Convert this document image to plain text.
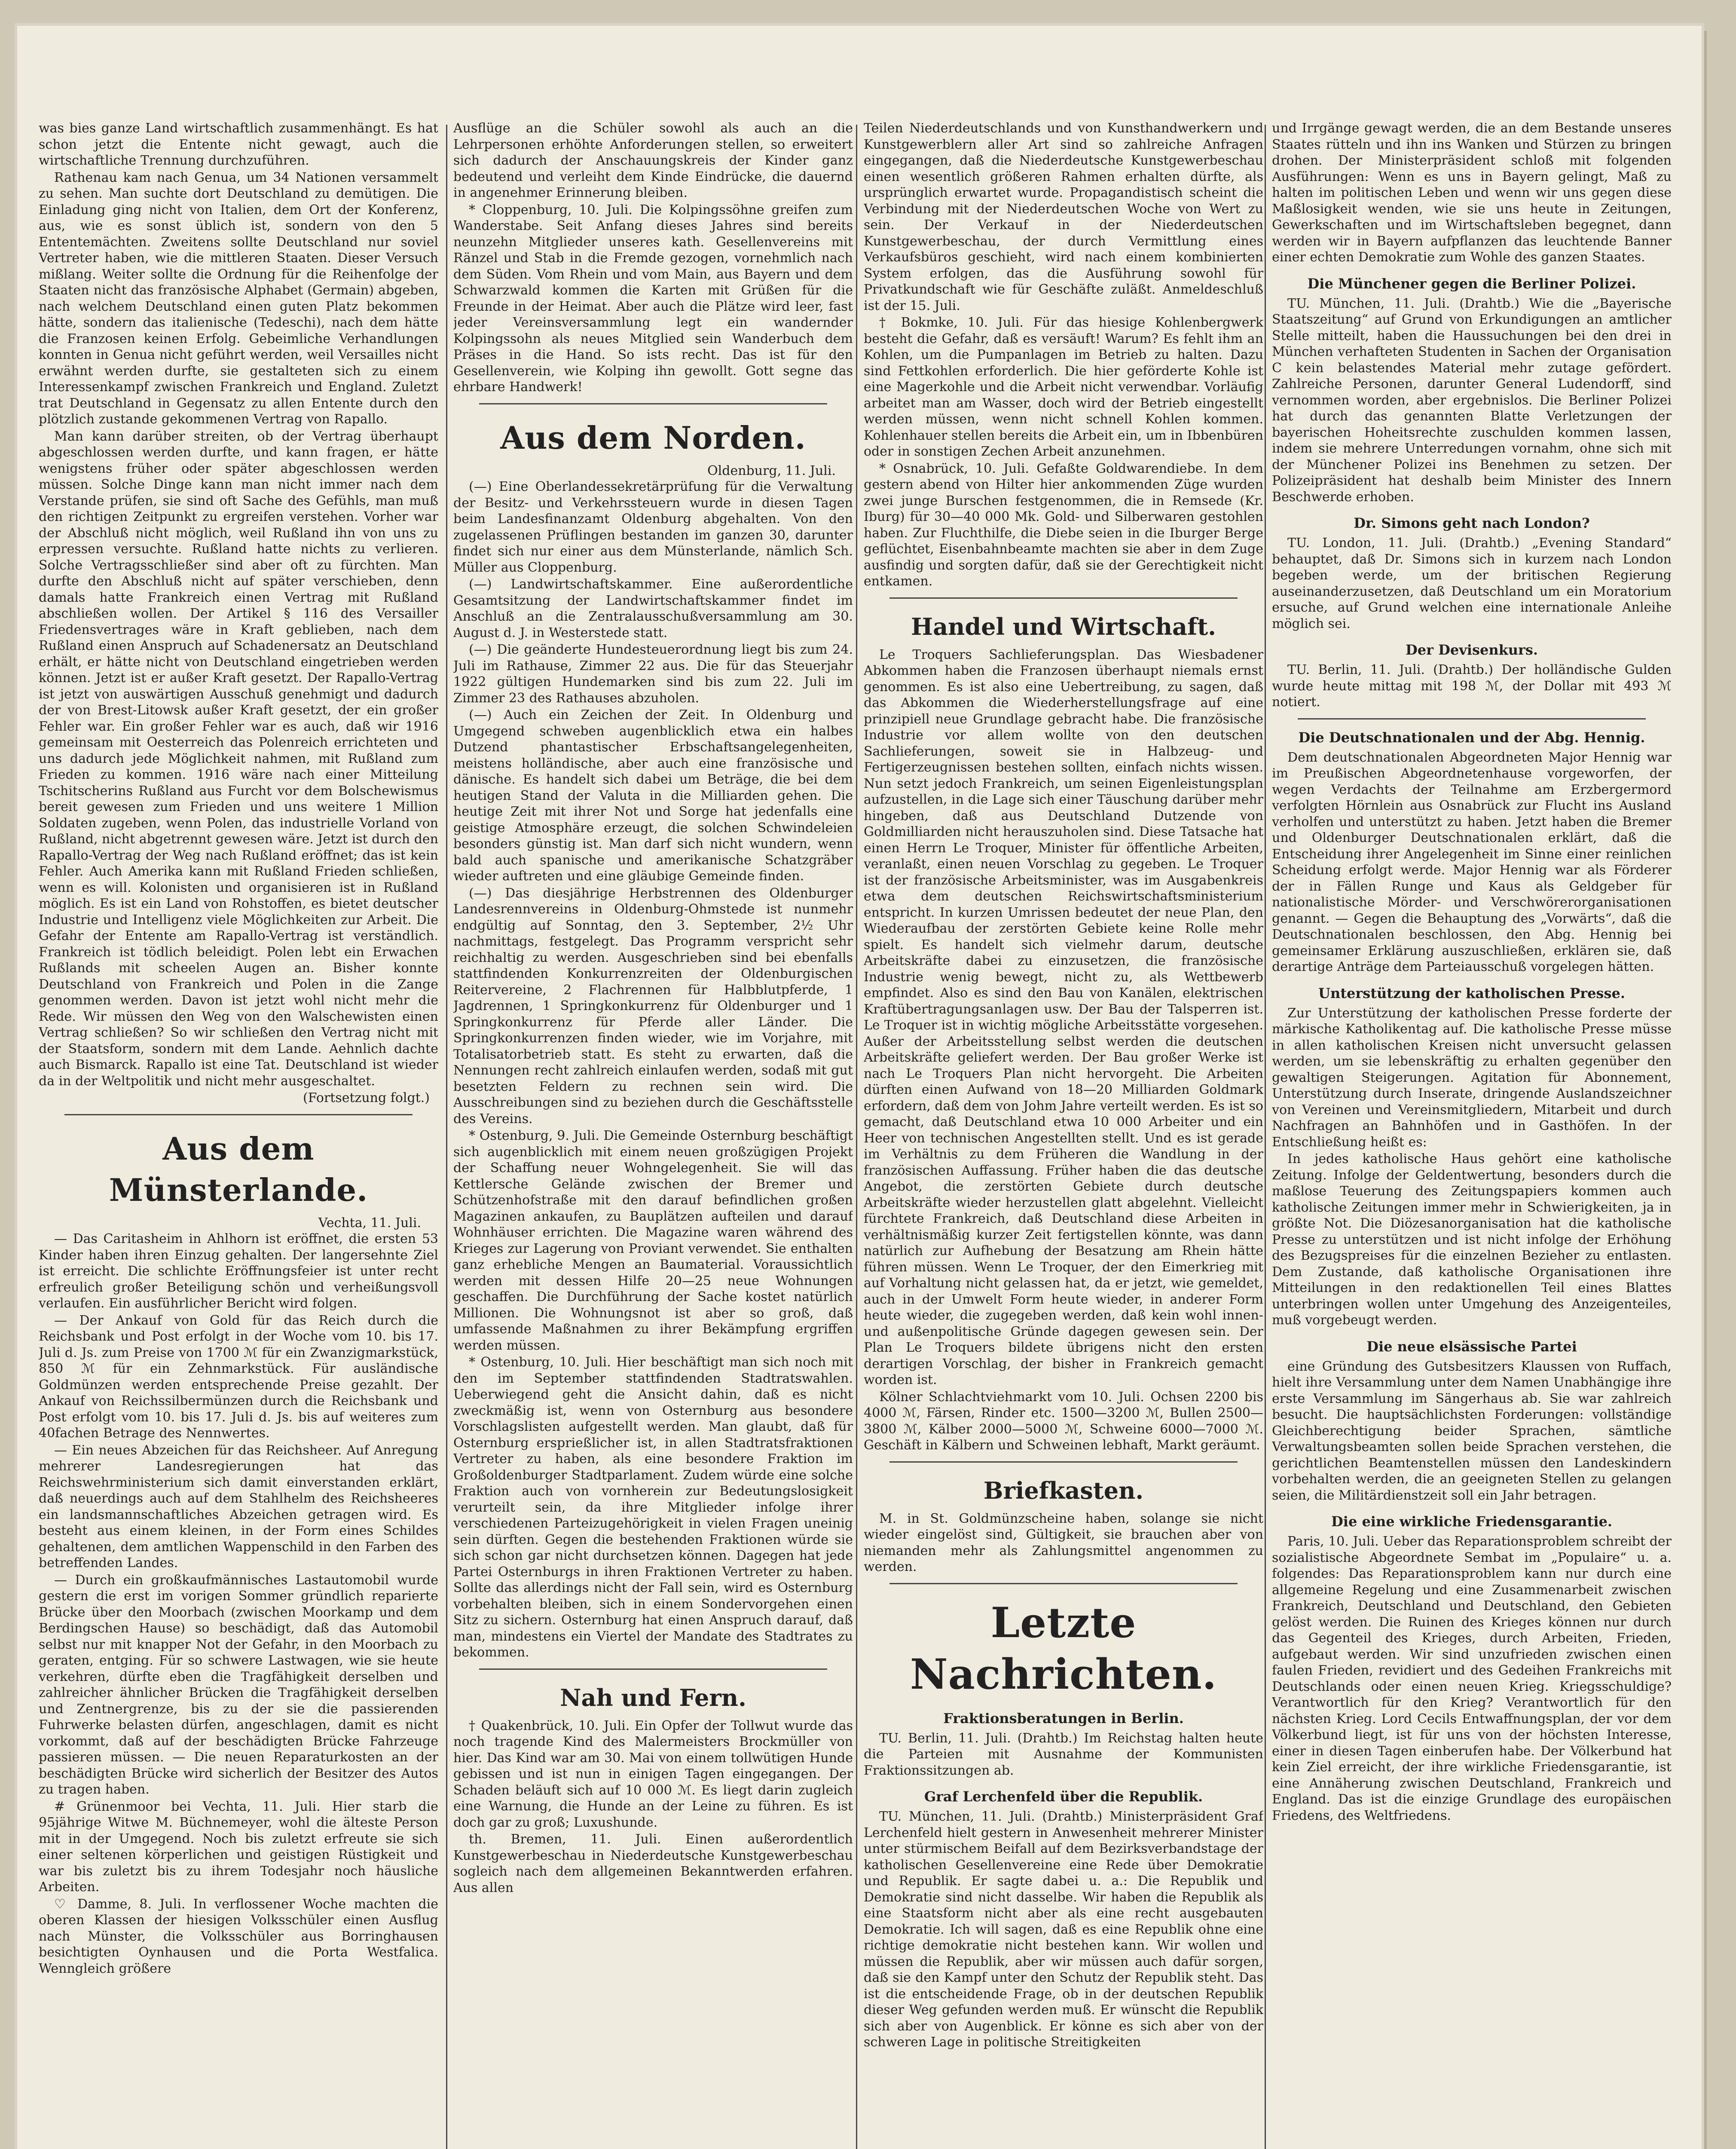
was bies ganze Land wirtschaftlich zusammenhängt. Es hat schon jetzt die Entente nicht gewagt, auch die wirtschaftliche Trennung durchzuführen.

Rathenau kam nach Genua, um 34 Nationen versammelt zu sehen. Man suchte dort Deutschland zu demütigen. Die Einladung ging nicht von Italien, dem Ort der Konferenz, aus, wie es sonst üblich ist, sondern von den 5 Ententemächten. Zweitens sollte Deutschland nur soviel Vertreter haben, wie die mittleren Staaten. Dieser Versuch mißlang. Weiter sollte die Ordnung für die Reihenfolge der Staaten nicht das französische Alphabet (Germain) abgeben, nach welchem Deutschland einen guten Platz bekommen hätte, sondern das italienische (Tedeschi), nach dem hätte die Franzosen keinen Erfolg. Gebeimliche Verhandlungen konnten in Genua nicht geführt werden, weil Versailles nicht erwähnt werden durfte, sie gestalteten sich zu einem Interessenkampf zwischen Frankreich und England. Zuletzt trat Deutschland in Gegensatz zu allen Entente durch den plötzlich zustande gekommenen Vertrag von Rapallo.

Man kann darüber streiten, ob der Vertrag überhaupt abgeschlossen werden durfte, und kann fragen, er hätte wenigstens früher oder später abgeschlossen werden müssen. Solche Dinge kann man nicht immer nach dem Verstande prüfen, sie sind oft Sache des Gefühls, man muß den richtigen Zeitpunkt zu ergreifen verstehen. Vorher war der Abschluß nicht möglich, weil Rußland ihn von uns zu erpressen versuchte. Rußland hatte nichts zu verlieren. Solche Vertragsschließer sind aber oft zu fürchten. Man durfte den Abschluß nicht auf später verschieben, denn damals hatte Frankreich einen Vertrag mit Rußland abschließen wollen. Der Artikel § 116 des Versailler Friedensvertrages wäre in Kraft geblieben, nach dem Rußland einen Anspruch auf Schadenersatz an Deutschland erhält, er hätte nicht von Deutschland eingetrieben werden können. Jetzt ist er außer Kraft gesetzt. Der Rapallo-Vertrag ist jetzt von auswärtigen Ausschuß genehmigt und dadurch der von Brest-Litowsk außer Kraft gesetzt, der ein großer Fehler war. Ein großer Fehler war es auch, daß wir 1916 gemeinsam mit Oesterreich das Polenreich errichteten und uns dadurch jede Möglichkeit nahmen, mit Rußland zum Frieden zu kommen. 1916 wäre nach einer Mitteilung Tschitscherins Rußland aus Furcht vor dem Bolschewismus bereit gewesen zum Frieden und uns weitere 1 Million Soldaten zugeben, wenn Polen, das industrielle Vorland von Rußland, nicht abgetrennt gewesen wäre. Jetzt ist durch den Rapallo-Vertrag der Weg nach Rußland eröffnet; das ist kein Fehler. Auch Amerika kann mit Rußland Frieden schließen, wenn es will. Kolonisten und organisieren ist in Rußland möglich. Es ist ein Land von Rohstoffen, es bietet deutscher Industrie und Intelligenz viele Möglichkeiten zur Arbeit. Die Gefahr der Entente am Rapallo-Vertrag ist verständlich. Frankreich ist tödlich beleidigt. Polen lebt ein Erwachen Rußlands mit scheelen Augen an. Bisher konnte Deutschland von Frankreich und Polen in die Zange genommen werden. Davon ist jetzt wohl nicht mehr die Rede. Wir müssen den Weg von den Walschewisten einen Vertrag schließen? So wir schließen den Vertrag nicht mit der Staatsform, sondern mit dem Lande. Aehnlich dachte auch Bismarck. Rapallo ist eine Tat. Deutschland ist wieder da in der Weltpolitik und nicht mehr ausgeschaltet.

(Fortsetzung folgt.)

Aus dem Münsterlande.
Vechta, 11. Juli.

— Das Caritasheim in Ahlhorn ist eröffnet, die ersten 53 Kinder haben ihren Einzug gehalten. Der langersehnte Ziel ist erreicht. Die schlichte Eröffnungsfeier ist unter recht erfreulich großer Beteiligung schön und verheißungsvoll verlaufen. Ein ausführlicher Bericht wird folgen.

— Der Ankauf von Gold für das Reich durch die Reichsbank und Post erfolgt in der Woche vom 10. bis 17. Juli d. Js. zum Preise von 1700 ℳ für ein Zwanzigmarkstück, 850 ℳ für ein Zehnmarkstück. Für ausländische Goldmünzen werden entsprechende Preise gezahlt. Der Ankauf von Reichssilbermünzen durch die Reichsbank und Post erfolgt vom 10. bis 17. Juli d. Js. bis auf weiteres zum 40fachen Betrage des Nennwertes.

— Ein neues Abzeichen für das Reichsheer. Auf Anregung mehrerer Landesregierungen hat das Reichswehrministerium sich damit einverstanden erklärt, daß neuerdings auch auf dem Stahlhelm des Reichsheeres ein landsmannschaftliches Abzeichen getragen wird. Es besteht aus einem kleinen, in der Form eines Schildes gehaltenen, dem amtlichen Wappenschild in den Farben des betreffenden Landes.

— Durch ein großkaufmännisches Lastautomobil wurde gestern die erst im vorigen Sommer gründlich reparierte Brücke über den Moorbach (zwischen Moorkamp und dem Berdingschen Hause) so beschädigt, daß das Automobil selbst nur mit knapper Not der Gefahr, in den Moorbach zu geraten, entging. Für so schwere Lastwagen, wie sie heute verkehren, dürfte eben die Tragfähigkeit derselben und zahlreicher ähnlicher Brücken die Tragfähigkeit derselben und Zentnergrenze, bis zu der sie die passierenden Fuhrwerke belasten dürfen, angeschlagen, damit es nicht vorkommt, daß auf der beschädigten Brücke Fahrzeuge passieren müssen. — Die neuen Reparaturkosten an der beschädigten Brücke wird sicherlich der Besitzer des Autos zu tragen haben.

# Grünenmoor bei Vechta, 11. Juli. Hier starb die 95jährige Witwe M. Büchnemeyer, wohl die älteste Person mit in der Umgegend. Noch bis zuletzt erfreute sie sich einer seltenen körperlichen und geistigen Rüstigkeit und war bis zuletzt bis zu ihrem Todesjahr noch häusliche Arbeiten.

♡ Damme, 8. Juli. In verflossener Woche machten die oberen Klassen der hiesigen Volksschüler einen Ausflug nach Münster, die Volksschüler aus Borringhausen besichtigten Oynhausen und die Porta Westfalica. Wenngleich größere

Ausflüge an die Schüler sowohl als auch an die Lehrpersonen erhöhte Anforderungen stellen, so erweitert sich dadurch der Anschauungskreis der Kinder ganz bedeutend und verleiht dem Kinde Eindrücke, die dauernd in angenehmer Erinnerung bleiben.

* Cloppenburg, 10. Juli. Die Kolpingssöhne greifen zum Wanderstabe. Seit Anfang dieses Jahres sind bereits neunzehn Mitglieder unseres kath. Gesellenvereins mit Ränzel und Stab in die Fremde gezogen, vornehmlich nach dem Süden. Vom Rhein und vom Main, aus Bayern und dem Schwarzwald kommen die Karten mit Grüßen für die Freunde in der Heimat. Aber auch die Plätze wird leer, fast jeder Vereinsversammlung legt ein wandernder Kolpingssohn als neues Mitglied sein Wanderbuch dem Präses in die Hand. So ists recht. Das ist für den Gesellenverein, wie Kolping ihn gewollt. Gott segne das ehrbare Handwerk!

Aus dem Norden.
Oldenburg, 11. Juli.

(—) Eine Oberlandessekretärprüfung für die Verwaltung der Besitz- und Verkehrssteuern wurde in diesen Tagen beim Landesfinanzamt Oldenburg abgehalten. Von den zugelassenen Prüflingen bestanden im ganzen 30, darunter findet sich nur einer aus dem Münsterlande, nämlich Sch. Müller aus Cloppenburg.

(—) Landwirtschaftskammer. Eine außerordentliche Gesamtsitzung der Landwirtschaftskammer findet im Anschluß an die Zentralausschußversammlung am 30. August d. J. in Westerstede statt.

(—) Die geänderte Hundesteuerordnung liegt bis zum 24. Juli im Rathause, Zimmer 22 aus. Die für das Steuerjahr 1922 gültigen Hundemarken sind bis zum 22. Juli im Zimmer 23 des Rathauses abzuholen.

(—) Auch ein Zeichen der Zeit. In Oldenburg und Umgegend schweben augenblicklich etwa ein halbes Dutzend phantastischer Erbschaftsangelegenheiten, meistens holländische, aber auch eine französische und dänische. Es handelt sich dabei um Beträge, die bei dem heutigen Stand der Valuta in die Milliarden gehen. Die heutige Zeit mit ihrer Not und Sorge hat jedenfalls eine geistige Atmosphäre erzeugt, die solchen Schwindeleien besonders günstig ist. Man darf sich nicht wundern, wenn bald auch spanische und amerikanische Schatzgräber wieder auftreten und eine gläubige Gemeinde finden.

(—) Das diesjährige Herbstrennen des Oldenburger Landesrennvereins in Oldenburg-Ohmstede ist nunmehr endgültig auf Sonntag, den 3. September, 2½ Uhr nachmittags, festgelegt. Das Programm verspricht sehr reichhaltig zu werden. Ausgeschrieben sind bei ebenfalls stattfindenden Konkurrenzreiten der Oldenburgischen Reitervereine, 2 Flachrennen für Halbblutpferde, 1 Jagdrennen, 1 Springkonkurrenz für Oldenburger und 1 Springkonkurrenz für Pferde aller Länder. Die Springkonkurrenzen finden wieder, wie im Vorjahre, mit Totalisatorbetrieb statt. Es steht zu erwarten, daß die Nennungen recht zahlreich einlaufen werden, sodaß mit gut besetzten Feldern zu rechnen sein wird. Die Ausschreibungen sind zu beziehen durch die Geschäftsstelle des Vereins.

* Ostenburg, 9. Juli. Die Gemeinde Osternburg beschäftigt sich augenblicklich mit einem neuen großzügigen Projekt der Schaffung neuer Wohngelegenheit. Sie will das Kettlersche Gelände zwischen der Bremer und Schützenhofstraße mit den darauf befindlichen großen Magazinen ankaufen, zu Bauplätzen aufteilen und darauf Wohnhäuser errichten. Die Magazine waren während des Krieges zur Lagerung von Proviant verwendet. Sie enthalten ganz erhebliche Mengen an Baumaterial. Voraussichtlich werden mit dessen Hilfe 20—25 neue Wohnungen geschaffen. Die Durchführung der Sache kostet natürlich Millionen. Die Wohnungsnot ist aber so groß, daß umfassende Maßnahmen zu ihrer Bekämpfung ergriffen werden müssen.

* Ostenburg, 10. Juli. Hier beschäftigt man sich noch mit den im September stattfindenden Stadtratswahlen. Ueberwiegend geht die Ansicht dahin, daß es nicht zweckmäßig ist, wenn von Osternburg aus besondere Vorschlagslisten aufgestellt werden. Man glaubt, daß für Osternburg ersprießlicher ist, in allen Stadtratsfraktionen Vertreter zu haben, als eine besondere Fraktion im Großoldenburger Stadtparlament. Zudem würde eine solche Fraktion auch von vornherein zur Bedeutungslosigkeit verurteilt sein, da ihre Mitglieder infolge ihrer verschiedenen Parteizugehörigkeit in vielen Fragen uneinig sein dürften. Gegen die bestehenden Fraktionen würde sie sich schon gar nicht durchsetzen können. Dagegen hat jede Partei Osternburgs in ihren Fraktionen Vertreter zu haben. Sollte das allerdings nicht der Fall sein, wird es Osternburg vorbehalten bleiben, sich in einem Sondervorgehen einen Sitz zu sichern. Osternburg hat einen Anspruch darauf, daß man, mindestens ein Viertel der Mandate des Stadtrates zu bekommen.

Nah und Fern.

† Quakenbrück, 10. Juli. Ein Opfer der Tollwut wurde das noch tragende Kind des Malermeisters Brockmüller von hier. Das Kind war am 30. Mai von einem tollwütigen Hunde gebissen und ist nun in einigen Tagen eingegangen. Der Schaden beläuft sich auf 10 000 ℳ. Es liegt darin zugleich eine Warnung, die Hunde an der Leine zu führen. Es ist doch gar zu groß; Luxushunde.

th. Bremen, 11. Juli. Einen außerordentlich Kunstgewerbeschau in Niederdeutsche Kunstgewerbeschau sogleich nach dem allgemeinen Bekanntwerden erfahren. Aus allen

Teilen Niederdeutschlands und von Kunsthandwerkern und Kunstgewerblern aller Art sind so zahlreiche Anfragen eingegangen, daß die Niederdeutsche Kunstgewerbeschau einen wesentlich größeren Rahmen erhalten dürfte, als ursprünglich erwartet wurde. Propagandistisch scheint die Verbindung mit der Niederdeutschen Woche von Wert zu sein. Der Verkauf in der Niederdeutschen Kunstgewerbeschau, der durch Vermittlung eines Verkaufsbüros geschieht, wird nach einem kombinierten System erfolgen, das die Ausführung sowohl für Privatkundschaft wie für Geschäfte zuläßt. Anmeldeschluß ist der 15. Juli.

† Bokmke, 10. Juli. Für das hiesige Kohlenbergwerk besteht die Gefahr, daß es versäuft! Warum? Es fehlt ihm an Kohlen, um die Pumpanlagen im Betrieb zu halten. Dazu sind Fettkohlen erforderlich. Die hier geförderte Kohle ist eine Magerkohle und die Arbeit nicht verwendbar. Vorläufig arbeitet man am Wasser, doch wird der Betrieb eingestellt werden müssen, wenn nicht schnell Kohlen kommen. Kohlenhauer stellen bereits die Arbeit ein, um in Ibbenbüren oder in sonstigen Zechen Arbeit anzunehmen.

* Osnabrück, 10. Juli. Gefaßte Goldwarendiebe. In dem gestern abend von Hilter hier ankommenden Züge wurden zwei junge Burschen festgenommen, die in Remsede (Kr. Iburg) für 30—40 000 Mk. Gold- und Silberwaren gestohlen haben. Zur Fluchthilfe, die Diebe seien in die Iburger Berge geflüchtet, Eisenbahnbeamte machten sie aber in dem Zuge ausfindig und sorgten dafür, daß sie der Gerechtigkeit nicht entkamen.

Handel und Wirtschaft.

Le Troquers Sachlieferungsplan. Das Wiesbadener Abkommen haben die Franzosen überhaupt niemals ernst genommen. Es ist also eine Uebertreibung, zu sagen, daß das Abkommen die Wiederherstellungsfrage auf eine prinzipiell neue Grundlage gebracht habe. Die französische Industrie vor allem wollte von den deutschen Sachlieferungen, soweit sie in Halbzeug- und Fertigerzeugnissen bestehen sollten, einfach nichts wissen. Nun setzt jedoch Frankreich, um seinen Eigenleistungsplan aufzustellen, in die Lage sich einer Täuschung darüber mehr hingeben, daß aus Deutschland Dutzende von Goldmilliarden nicht herauszuholen sind. Diese Tatsache hat einen Herrn Le Troquer, Minister für öffentliche Arbeiten, veranlaßt, einen neuen Vorschlag zu gegeben. Le Troquer ist der französische Arbeitsminister, was im Ausgabenkreis etwa dem deutschen Reichswirtschaftsministerium entspricht. In kurzen Umrissen bedeutet der neue Plan, den Wiederaufbau der zerstörten Gebiete keine Rolle mehr spielt. Es handelt sich vielmehr darum, deutsche Arbeitskräfte dabei zu einzusetzen, die französische Industrie wenig bewegt, nicht zu, als Wettbewerb empfindet. Also es sind den Bau von Kanälen, elektrischen Kraftübertragungsanlagen usw. Der Bau der Talsperren ist. Le Troquer ist in wichtig mögliche Arbeitsstätte vorgesehen. Außer der Arbeitsstellung selbst werden die deutschen Arbeitskräfte geliefert werden. Der Bau großer Werke ist nach Le Troquers Plan nicht hervorgeht. Die Arbeiten dürften einen Aufwand von 18—20 Milliarden Goldmark erfordern, daß dem von Johm Jahre verteilt werden. Es ist so gemacht, daß Deutschland etwa 10 000 Arbeiter und ein Heer von technischen Angestellten stellt. Und es ist gerade im Verhältnis zu dem Früheren die Wandlung in der französischen Auffassung. Früher haben die das deutsche Angebot, die zerstörten Gebiete durch deutsche Arbeitskräfte wieder herzustellen glatt abgelehnt. Vielleicht fürchtete Frankreich, daß Deutschland diese Arbeiten in verhältnismäßig kurzer Zeit fertigstellen könnte, was dann natürlich zur Aufhebung der Besatzung am Rhein hätte führen müssen. Wenn Le Troquer, der den Eimerkrieg mit auf Vorhaltung nicht gelassen hat, da er jetzt, wie gemeldet, auch in der Umwelt Form heute wieder, in anderer Form heute wieder, die zugegeben werden, daß kein wohl innen- und außenpolitische Gründe dagegen gewesen sein. Der Plan Le Troquers bildete übrigens nicht den ersten derartigen Vorschlag, der bisher in Frankreich gemacht worden ist.

Kölner Schlachtviehmarkt vom 10. Juli. Ochsen 2200 bis 4000 ℳ, Färsen, Rinder etc. 1500—3200 ℳ, Bullen 2500—3800 ℳ, Kälber 2000—5000 ℳ, Schweine 6000—7000 ℳ. Geschäft in Kälbern und Schweinen lebhaft, Markt geräumt.

Briefkasten.

M. in St. Goldmünzscheine haben, solange sie nicht wieder eingelöst sind, Gültigkeit, sie brauchen aber von niemanden mehr als Zahlungsmittel angenommen zu werden.

Letzte Nachrichten.
Fraktionsberatungen in Berlin.

TU. Berlin, 11. Juli. (Drahtb.) Im Reichstag halten heute die Parteien mit Ausnahme der Kommunisten Fraktionssitzungen ab.

Graf Lerchenfeld über die Republik.

TU. München, 11. Juli. (Drahtb.) Ministerpräsident Graf Lerchenfeld hielt gestern in Anwesenheit mehrerer Minister unter stürmischem Beifall auf dem Bezirksverbandstage der katholischen Gesellenvereine eine Rede über Demokratie und Republik. Er sagte dabei u. a.: Die Republik und Demokratie sind nicht dasselbe. Wir haben die Republik als eine Staatsform nicht aber als eine recht ausgebauten Demokratie. Ich will sagen, daß es eine Republik ohne eine richtige demokratie nicht bestehen kann. Wir wollen und müssen die Republik, aber wir müssen auch dafür sorgen, daß sie den Kampf unter den Schutz der Republik steht. Das ist die entscheidende Frage, ob in der deutschen Republik dieser Weg gefunden werden muß. Er wünscht die Republik sich aber von Augenblick. Er könne es sich aber von der schweren Lage in politische Streitigkeiten

und Irrgänge gewagt werden, die an dem Bestande unseres Staates rütteln und ihn ins Wanken und Stürzen zu bringen drohen. Der Ministerpräsident schloß mit folgenden Ausführungen: Wenn es uns in Bayern gelingt, Maß zu halten im politischen Leben und wenn wir uns gegen diese Maßlosigkeit wenden, wie sie uns heute in Zeitungen, Gewerkschaften und im Wirtschaftsleben begegnet, dann werden wir in Bayern aufpflanzen das leuchtende Banner einer echten Demokratie zum Wohle des ganzen Staates.

Die Münchener gegen die Berliner Polizei.

TU. München, 11. Juli. (Drahtb.) Wie die „Bayerische Staatszeitung“ auf Grund von Erkundigungen an amtlicher Stelle mitteilt, haben die Haussuchungen bei den drei in München verhafteten Studenten in Sachen der Organisation C kein belastendes Material mehr zutage gefördert. Zahlreiche Personen, darunter General Ludendorff, sind vernommen worden, aber ergebnislos. Die Berliner Polizei hat durch das genannten Blatte Verletzungen der bayerischen Hoheitsrechte zuschulden kommen lassen, indem sie mehrere Unterredungen vornahm, ohne sich mit der Münchener Polizei ins Benehmen zu setzen. Der Polizeipräsident hat deshalb beim Minister des Innern Beschwerde erhoben.

Dr. Simons geht nach London?

TU. London, 11. Juli. (Drahtb.) „Evening Standard“ behauptet, daß Dr. Simons sich in kurzem nach London begeben werde, um der britischen Regierung auseinanderzusetzen, daß Deutschland um ein Moratorium ersuche, auf Grund welchen eine internationale Anleihe möglich sei.

Der Devisenkurs.

TU. Berlin, 11. Juli. (Drahtb.) Der holländische Gulden wurde heute mittag mit 198 ℳ, der Dollar mit 493 ℳ notiert.

Die Deutschnationalen und der Abg. Hennig.

Dem deutschnationalen Abgeordneten Major Hennig war im Preußischen Abgeordnetenhause vorgeworfen, der wegen Verdachts der Teilnahme am Erzbergermord verfolgten Hörnlein aus Osnabrück zur Flucht ins Ausland verholfen und unterstützt zu haben. Jetzt haben die Bremer und Oldenburger Deutschnationalen erklärt, daß die Entscheidung ihrer Angelegenheit im Sinne einer reinlichen Scheidung erfolgt werde. Major Hennig war als Förderer der in Fällen Runge und Kaus als Geldgeber für nationalistische Mörder- und Verschwörerorganisationen genannt. — Gegen die Behauptung des „Vorwärts“, daß die Deutschnationalen beschlossen, den Abg. Hennig bei gemeinsamer Erklärung auszuschließen, erklären sie, daß derartige Anträge dem Parteiausschuß vorgelegen hätten.

Unterstützung der katholischen Presse.

Zur Unterstützung der katholischen Presse forderte der märkische Katholikentag auf. Die katholische Presse müsse in allen katholischen Kreisen nicht unversucht gelassen werden, um sie lebenskräftig zu erhalten gegenüber den gewaltigen Steigerungen. Agitation für Abonnement, Unterstützung durch Inserate, dringende Auslandszeichner von Vereinen und Vereinsmitgliedern, Mitarbeit und durch Nachfragen an Bahnhöfen und in Gasthöfen. In der Entschließung heißt es:

In jedes katholische Haus gehört eine katholische Zeitung. Infolge der Geldentwertung, besonders durch die maßlose Teuerung des Zeitungspapiers kommen auch katholische Zeitungen immer mehr in Schwierigkeiten, ja in größte Not. Die Diözesanorganisation hat die katholische Presse zu unterstützen und ist nicht infolge der Erhöhung des Bezugspreises für die einzelnen Bezieher zu entlasten. Dem Zustande, daß katholische Organisationen ihre Mitteilungen in den redaktionellen Teil eines Blattes unterbringen wollen unter Umgehung des Anzeigenteiles, muß vorgebeugt werden.

Die neue elsässische Partei

eine Gründung des Gutsbesitzers Klaussen von Ruffach, hielt ihre Versammlung unter dem Namen Unabhängige ihre erste Versammlung im Sängerhaus ab. Sie war zahlreich besucht. Die hauptsächlichsten Forderungen: vollständige Gleichberechtigung beider Sprachen, sämtliche Verwaltungsbeamten sollen beide Sprachen verstehen, die gerichtlichen Beamtenstellen müssen den Landeskindern vorbehalten werden, die an geeigneten Stellen zu gelangen seien, die Militärdienstzeit soll ein Jahr betragen.

Die eine wirkliche Friedensgarantie.

Paris, 10. Juli. Ueber das Reparationsproblem schreibt der sozialistische Abgeordnete Sembat im „Populaire“ u. a. folgendes: Das Reparationsproblem kann nur durch eine allgemeine Regelung und eine Zusammenarbeit zwischen Frankreich, Deutschland und Deutschland, den Gebieten gelöst werden. Die Ruinen des Krieges können nur durch das Gegenteil des Krieges, durch Arbeiten, Frieden, aufgebaut werden. Wir sind unzufrieden zwischen einen faulen Frieden, revidiert und des Gedeihen Frankreichs mit Deutschlands oder einen neuen Krieg. Kriegsschuldige? Verantwortlich für den Krieg? Verantwortlich für den nächsten Krieg. Lord Cecils Entwaffnungsplan, der vor dem Völkerbund liegt, ist für uns von der höchsten Interesse, einer in diesen Tagen einberufen habe. Der Völkerbund hat kein Ziel erreicht, der ihre wirkliche Friedensgarantie, ist eine Annäherung zwischen Deutschland, Frankreich und England. Das ist die einzige Grundlage des europäischen Friedens, des Weltfriedens.
